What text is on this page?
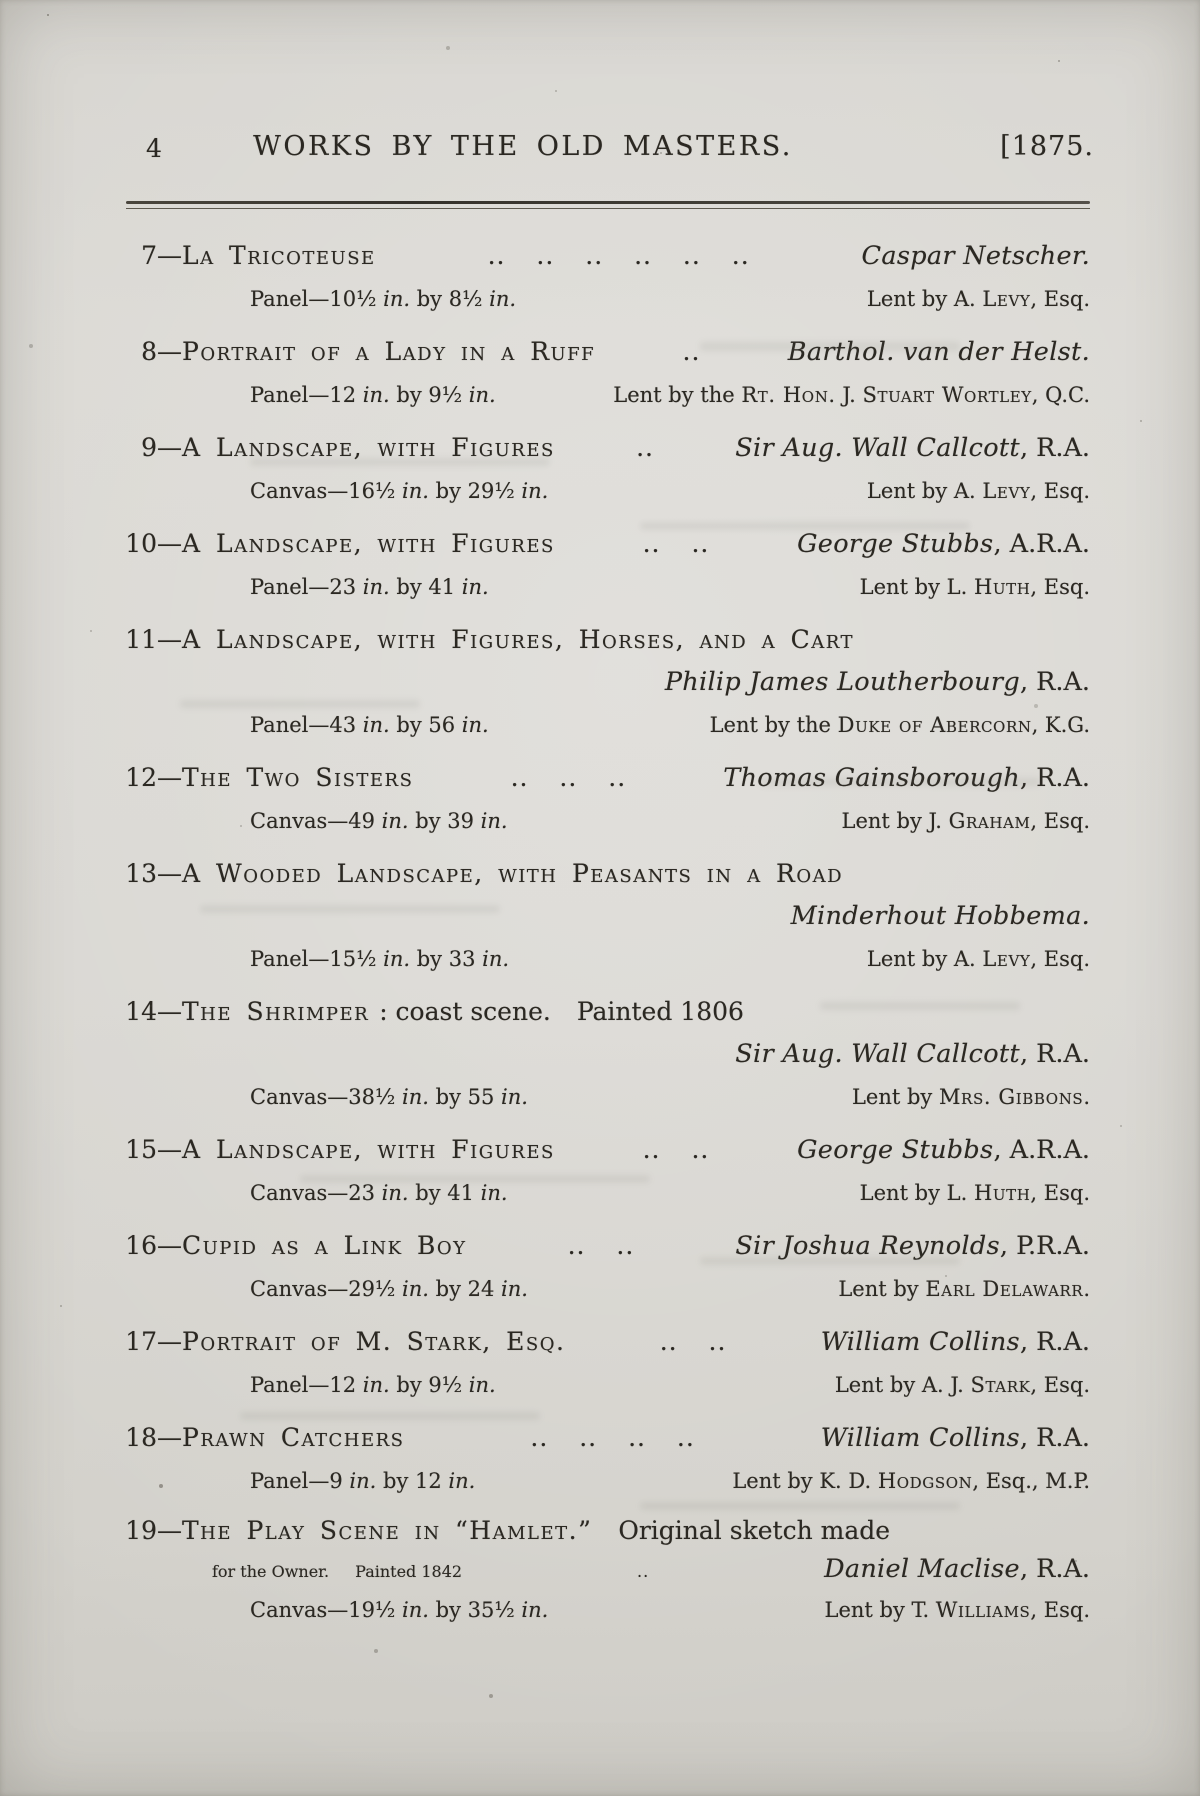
4	WORKS BY THE OLD MASTERS.	[1875.
7— La Tricoteuse	.. .. .. .. .. ..	Caspar Netscher.
Panel—10½ in. by 8½ in.	Lent by A. Levy, Esq.
8— Portrait of a Lady in a Ruff	..	Barthol. van der Helst.
Panel—12 in. by 9½ in.	Lent by the Rt. Hon. J. Stuart Wortley, Q.C.
9— A Landscape, with Figures	..	Sir Aug. Wall Callcott, R.A.
Canvas—16½ in. by 29½ in.	Lent by A. Levy, Esq.
10— A Landscape, with Figures	.. ..	George Stubbs, A.R.A.
Panel—23 in. by 41 in.	Lent by L. Huth, Esq.
11— A Landscape, with Figures, Horses, and a Cart
Philip James Loutherbourg, R.A.
Panel—43 in. by 56 in.	Lent by the Duke of Abercorn, K.G.
12— The Two Sisters	.. .. ..	Thomas Gainsborough, R.A.
Canvas—49 in. by 39 in.	Lent by J. Graham, Esq.
13— A Wooded Landscape, with Peasants in a Road
Minderhout Hobbema.
Panel—15½ in. by 33 in.	Lent by A. Levy, Esq.
14— The Shrimper : coast scene. Painted 1806
Sir Aug. Wall Callcott, R.A.
Canvas—38½ in. by 55 in.	Lent by Mrs. Gibbons.
15— A Landscape, with Figures	.. ..	George Stubbs, A.R.A.
Canvas—23 in. by 41 in.	Lent by L. Huth, Esq.
16— Cupid as a Link Boy	.. ..	Sir Joshua Reynolds, P.R.A.
Canvas—29½ in. by 24 in.	Lent by Earl Delawarr.
17— Portrait of M. Stark, Esq.	.. ..	William Collins, R.A.
Panel—12 in. by 9½ in.	Lent by A. J. Stark, Esq.
18— Prawn Catchers	.. .. .. ..	William Collins, R.A.
Panel—9 in. by 12 in.	Lent by K. D. Hodgson, Esq., M.P.
19— The Play Scene in “Hamlet.” Original sketch made
for the Owner. Painted 1842	..	Daniel Maclise, R.A.
Canvas—19½ in. by 35½ in.	Lent by T. Williams, Esq.
